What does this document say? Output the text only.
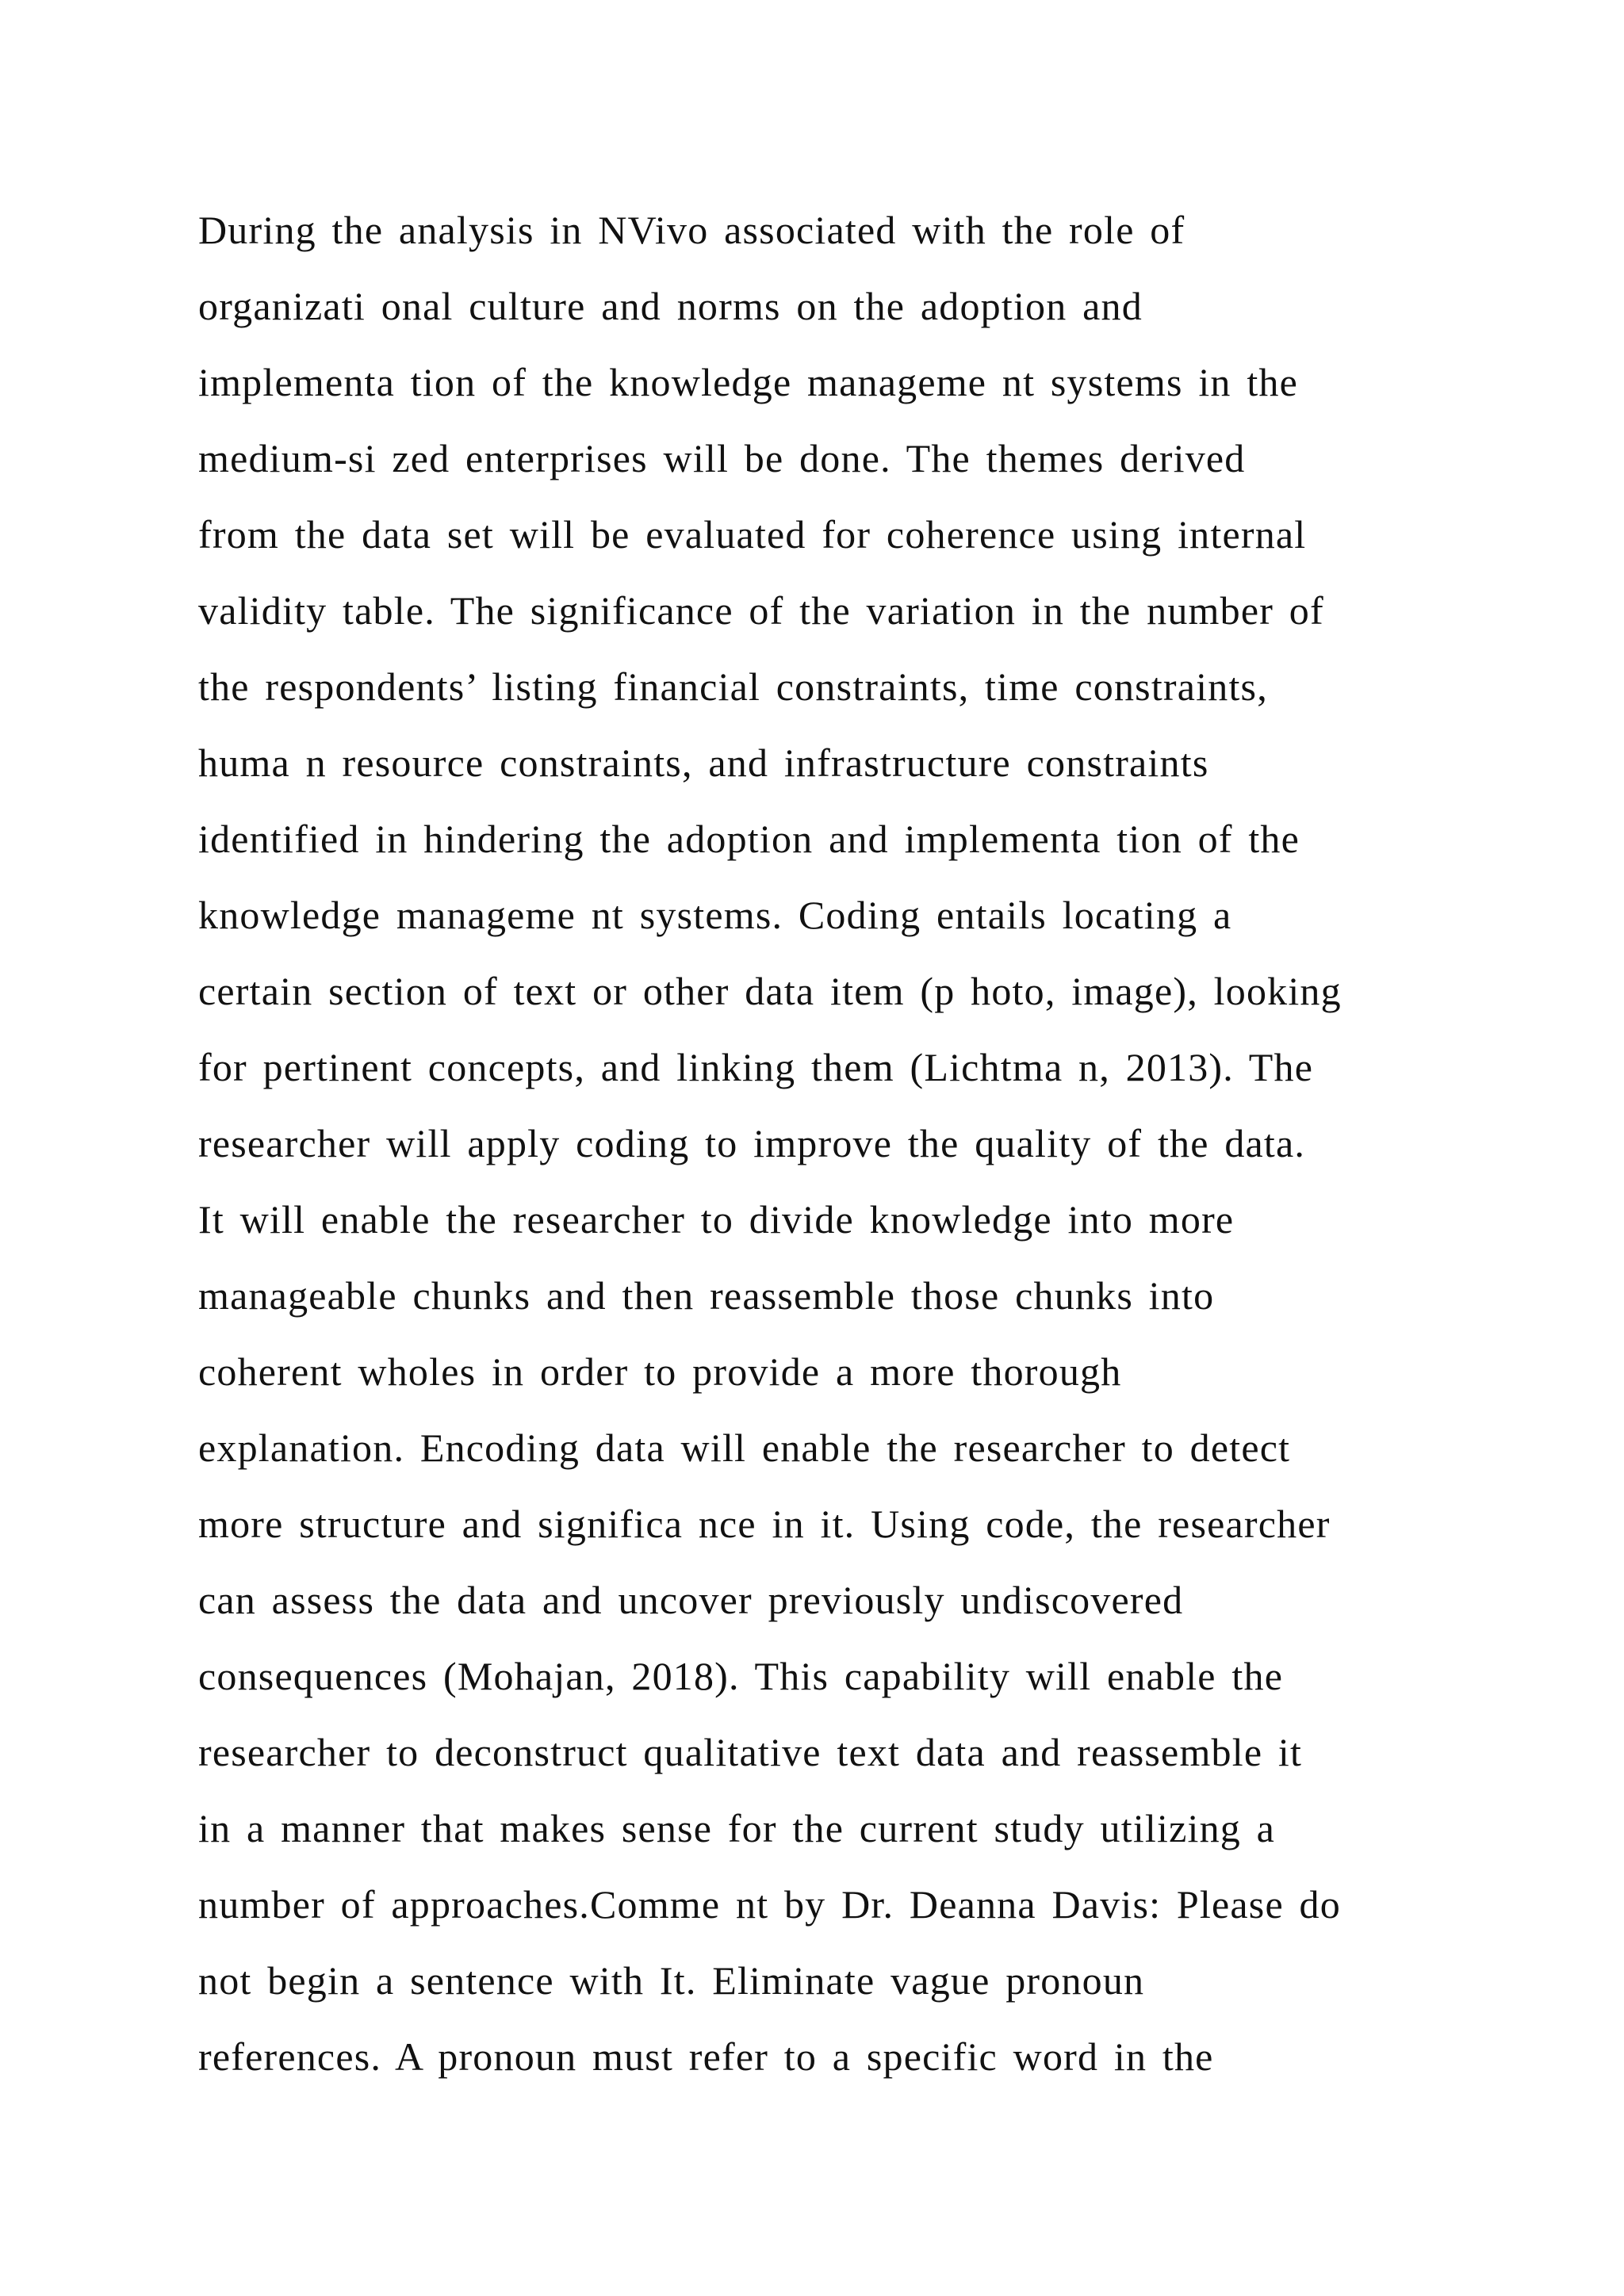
During the analysis in NVivo associated with the role of
organizati onal culture and norms on the adoption and
implementa tion of the knowledge manageme nt systems in the
medium-si zed enterprises will be done. The themes derived
from the data set will be evaluated for coherence using internal
validity table. The significance of the variation in the number of
the respondents’ listing financial constraints, time constraints,
huma n resource constraints, and infrastructure constraints
identified in hindering the adoption and implementa tion of the
knowledge manageme nt systems. Coding entails locating a
certain section of text or other data item (p hoto, image), looking
for pertinent concepts, and linking them (Lichtma n, 2013). The
researcher will apply coding to improve the quality of the data.
It will enable the researcher to divide knowledge into more
manageable chunks and then reassemble those chunks into
coherent wholes in order to provide a more thorough
explanation. Encoding data will enable the researcher to detect
more structure and significa nce in it. Using code, the researcher
can assess the data and uncover previously undiscovered
consequences (Mohajan, 2018). This capability will enable the
researcher to deconstruct qualitative text data and reassemble it
in a manner that makes sense for the current study utilizing a
number of approaches.Comme nt by Dr. Deanna Davis: Please do
not begin a sentence with It. Eliminate vague pronoun
references. A pronoun must refer to a specific word in the
